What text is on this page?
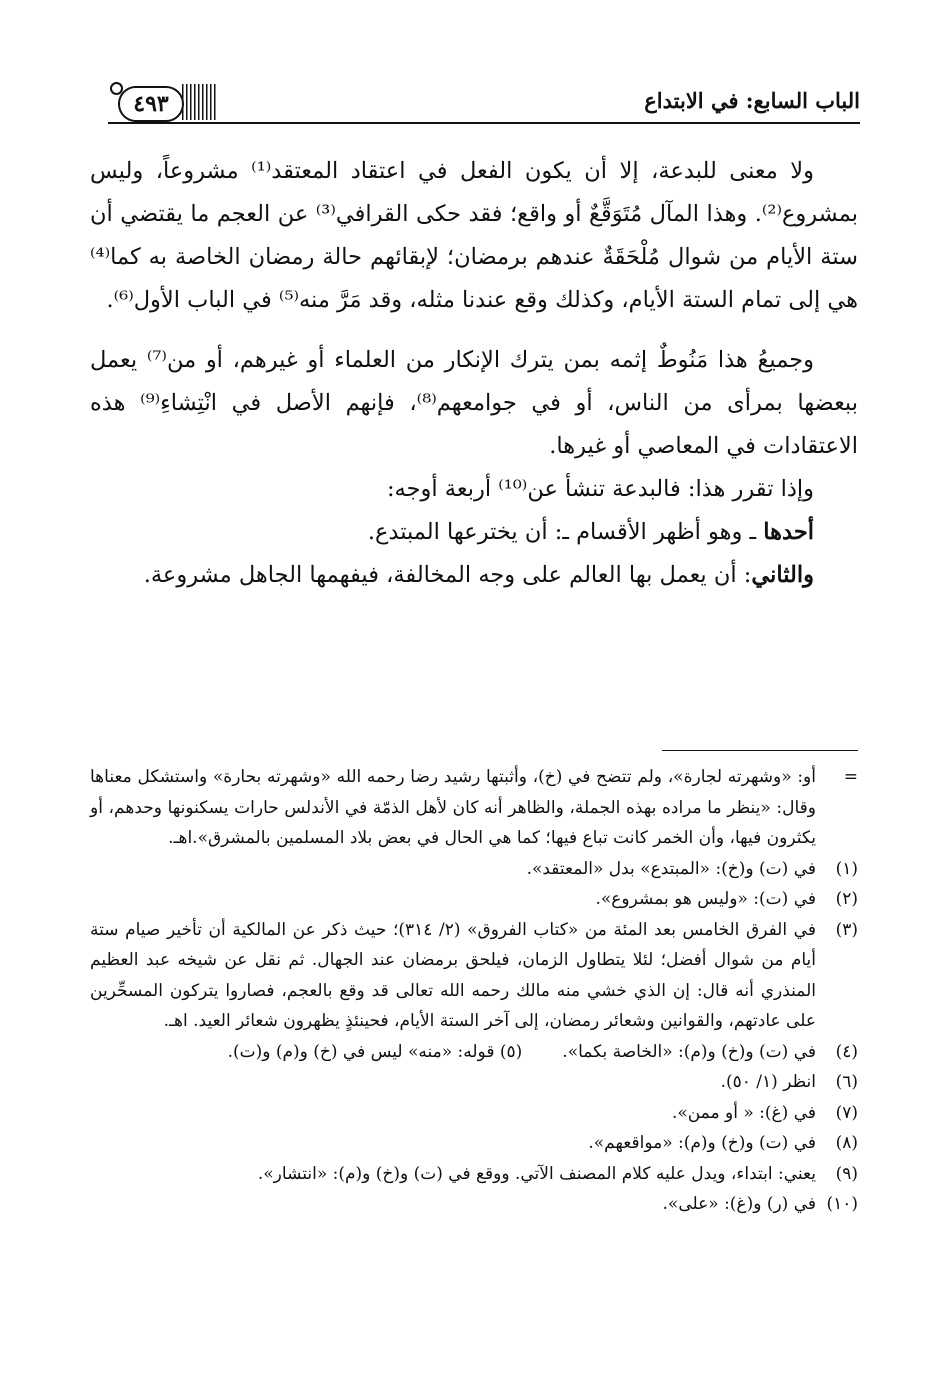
٤٩٣	الباب السابع: في الابتداع

ولا معنى للبدعة، إلا أن يكون الفعل في اعتقاد المعتقد⁽¹⁾ مشروعاً، وليس بمشروع⁽²⁾. وهذا المآل مُتَوَقَّعٌ أو واقع؛ فقد حكى القرافي⁽³⁾ عن العجم ما يقتضي أن ستة الأيام من شوال مُلْحَقَةٌ عندهم برمضان؛ لإبقائهم حالة رمضان الخاصة به كما⁽⁴⁾ هي إلى تمام الستة الأيام، وكذلك وقع عندنا مثله، وقد مَرَّ منه⁽⁵⁾ في الباب الأول⁽⁶⁾.

وجميعُ هذا مَنُوطٌ إثمه بمن يترك الإنكار من العلماء أو غيرهم، أو من⁽⁷⁾ يعمل ببعضها بمرأى من الناس، أو في جوامعهم⁽⁸⁾، فإنهم الأصل في انْتِشاءِ⁽⁹⁾ هذه الاعتقادات في المعاصي أو غيرها.

وإذا تقرر هذا: فالبدعة تنشأ عن⁽¹⁰⁾ أربعة أوجه:

أحدها ـ وهو أظهر الأقسام ـ: أن يخترعها المبتدع.

والثاني: أن يعمل بها العالم على وجه المخالفة، فيفهمها الجاهل مشروعة.

=
أو: «وشهرته لجارة»، ولم تتضح في (خ)، وأثبتها رشيد رضا رحمه الله «وشهرته بحارة» واستشكل معناها وقال: «ينظر ما مراده بهذه الجملة، والظاهر أنه كان لأهل الذمّة في الأندلس حارات يسكنونها وحدهم، أو يكثرون فيها، وأن الخمر كانت تباع فيها؛ كما هي الحال في بعض بلاد المسلمين بالمشرق».اهـ.
(١)
في (ت) و(خ): «المبتدع» بدل «المعتقد».
(٢)
في (ت): «وليس هو بمشروع».
(٣)
في الفرق الخامس بعد المئة من «كتاب الفروق» (٢/ ٣١٤)؛ حيث ذكر عن المالكية أن تأخير صيام ستة أيام من شوال أفضل؛ لئلا يتطاول الزمان، فيلحق برمضان عند الجهال. ثم نقل عن شيخه عبد العظيم المنذري أنه قال: إن الذي خشي منه مالك رحمه الله تعالى قد وقع بالعجم، فصاروا يتركون المسحِّرين على عادتهم، والقوانين وشعائر رمضان، إلى آخر الستة الأيام، فحينئذٍ يظهرون شعائر العيد. اهـ.
(٤)
في (ت) و(خ) و(م): «الخاصة بكما».(٥) قوله: «منه» ليس في (خ) و(م) و(ت).
(٦)
انظر (١/ ٥٠).
(٧)
في (غ): « أو ممن».
(٨)
في (ت) و(خ) و(م): «مواقعهم».
(٩)
يعني: ابتداء، ويدل عليه كلام المصنف الآتي. ووقع في (ت) و(خ) و(م): «انتشار».
(١٠)
في (ر) و(غ): «على».
